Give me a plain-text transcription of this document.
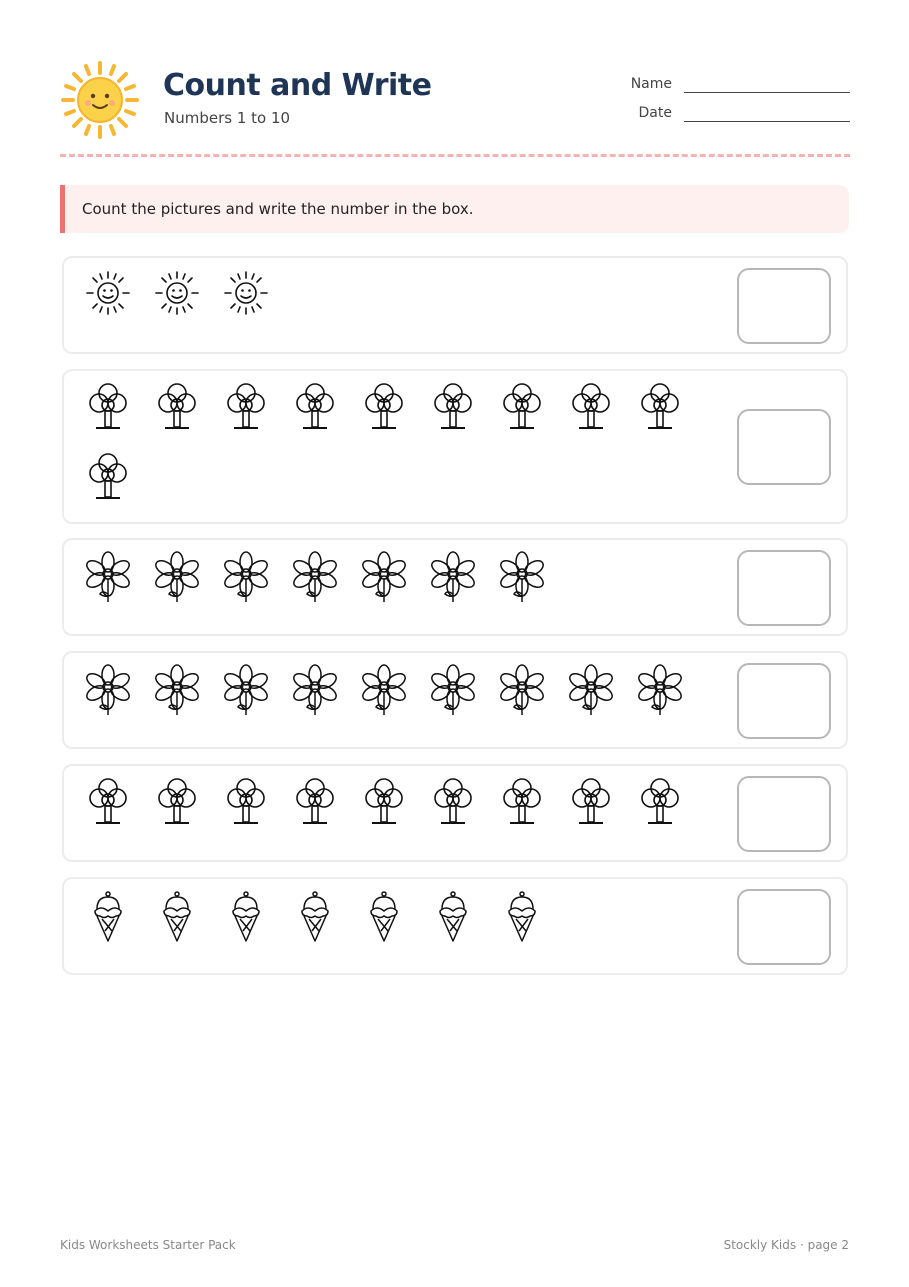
Count and Write
Numbers 1 to 10
Name
Date
Count the pictures and write the number in the box.
Kids Worksheets Starter Pack	Stockly Kids · page 2
